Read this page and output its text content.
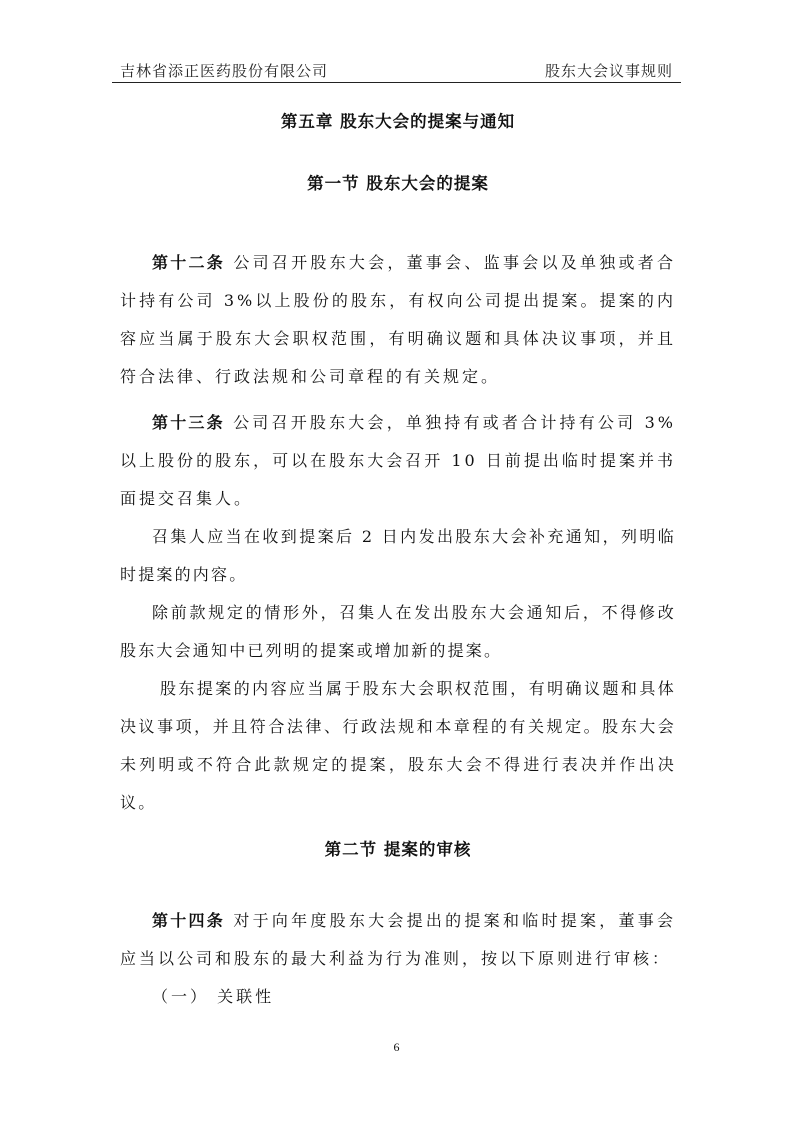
吉林省添正医药股份有限公司	股东大会议事规则
第五章 股东大会的提案与通知
第一节 股东大会的提案

第十二条 公司召开股东大会，董事会、监事会以及单独或者合计持有公司 3%以上股份的股东，有权向公司提出提案。提案的内容应当属于股东大会职权范围，有明确议题和具体决议事项，并且符合法律、行政法规和公司章程的有关规定。

第十三条 公司召开股东大会，单独持有或者合计持有公司 3%以上股份的股东，可以在股东大会召开 10 日前提出临时提案并书面提交召集人。

召集人应当在收到提案后 2 日内发出股东大会补充通知，列明临时提案的内容。

除前款规定的情形外，召集人在发出股东大会通知后，不得修改股东大会通知中已列明的提案或增加新的提案。

股东提案的内容应当属于股东大会职权范围，有明确议题和具体决议事项，并且符合法律、行政法规和本章程的有关规定。股东大会未列明或不符合此款规定的提案，股东大会不得进行表决并作出决议。

第二节 提案的审核

第十四条 对于向年度股东大会提出的提案和临时提案，董事会应当以公司和股东的最大利益为行为准则，按以下原则进行审核：

（一） 关联性
6
